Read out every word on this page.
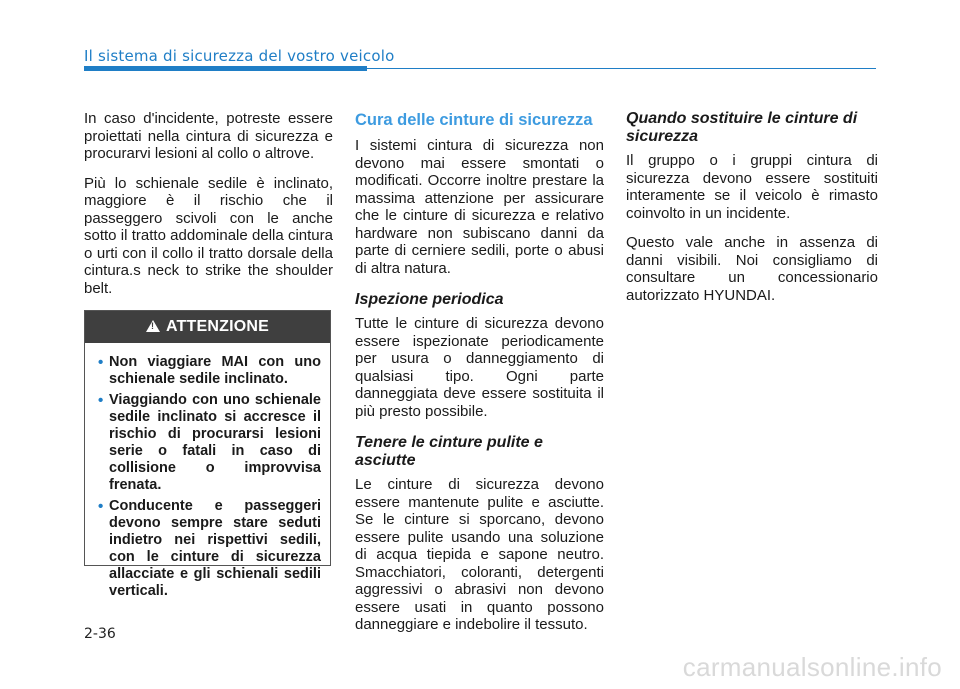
Il sistema di sicurezza del vostro veicolo

In caso d'incidente, potreste essere proiettati nella cintura di sicurezza e procurarvi lesioni al collo o altrove.

Più lo schienale sedile è inclinato, maggiore è il rischio che il passeggero scivoli con le anche sotto il tratto addominale della cintura o urti con il collo il tratto dorsale della cintura.s neck to strike the shoulder belt.

!
ATTENZIONE
• Non viaggiare MAI con uno schienale sedile inclinato.
• Viaggiando con uno schienale sedile inclinato si accresce il rischio di procurarsi lesioni serie o fatali in caso di collisione o improvvisa frenata.
• Conducente e passeggeri devono sempre stare seduti indietro nei rispettivi sedili, con le cinture di sicurezza allacciate e gli schienali sedili verticali.
Cura delle cinture di sicurezza

I sistemi cintura di sicurezza non devono mai essere smontati o modificati. Occorre inoltre prestare la massima attenzione per assicurare che le cinture di sicurezza e relativo hardware non subiscano danni da parte di cerniere sedili, porte o abusi di altra natura.

Ispezione periodica

Tutte le cinture di sicurezza devono essere ispezionate periodicamente per usura o danneggiamento di qualsiasi tipo. Ogni parte danneggiata deve essere sostituita il più presto possibile.

Tenere le cinture pulite e asciutte

Le cinture di sicurezza devono essere mantenute pulite e asciutte. Se le cinture si sporcano, devono essere pulite usando una soluzione di acqua tiepida e sapone neutro. Smacchiatori, coloranti, detergenti aggressivi o abrasivi non devono essere usati in quanto possono danneggiare e indebolire il tessuto.

Quando sostituire le cinture di sicurezza

Il gruppo o i gruppi cintura di sicurezza devono essere sostituiti interamente se il veicolo è rimasto coinvolto in un incidente.

Questo vale anche in assenza di danni visibili. Noi consigliamo di consultare un concessionario autorizzato HYUNDAI.

2-36
carmanualsonline.info
